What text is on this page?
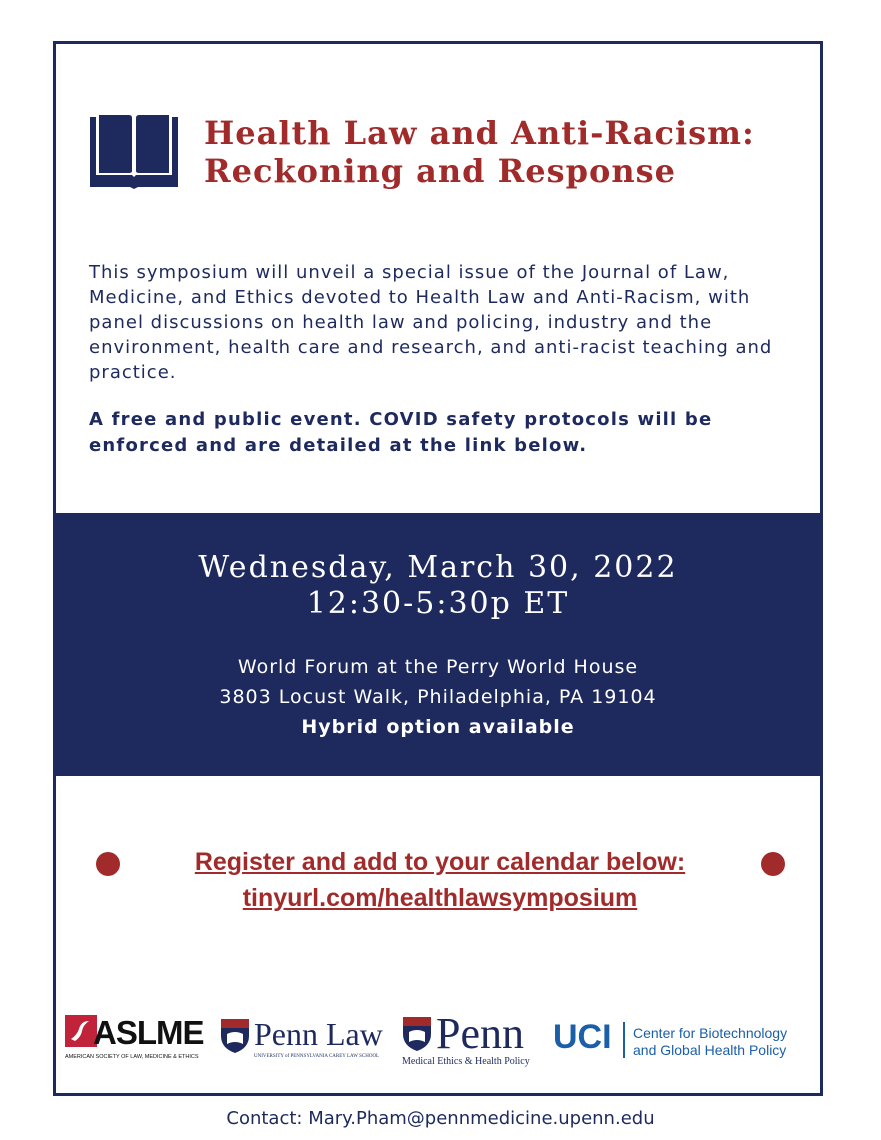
Health Law and Anti-Racism:
Reckoning and Response

This symposium will unveil a special issue of the Journal of Law, Medicine, and Ethics devoted to Health Law and Anti-Racism, with panel discussions on health law and policing, industry and the environment, health care and research, and anti-racist teaching and practice.

A free and public event. COVID safety protocols will be enforced and are detailed at the link below.

Wednesday, March 30, 2022
12:30-5:30p ET
World Forum at the Perry World House
3803 Locust Walk, Philadelphia, PA 19104
Hybrid option available
Register and add to your calendar below:
tinyurl.com/healthlawsymposium
ASLME
AMERICAN SOCIETY OF LAW, MEDICINE & ETHICS
Penn Law
UNIVERSITY of PENNSYLVANIA CAREY LAW SCHOOL Penn
Medical Ethics & Health Policy
UCI Center for Biotechnology
and Global Health Policy
Contact: Mary.Pham@pennmedicine.upenn.edu
